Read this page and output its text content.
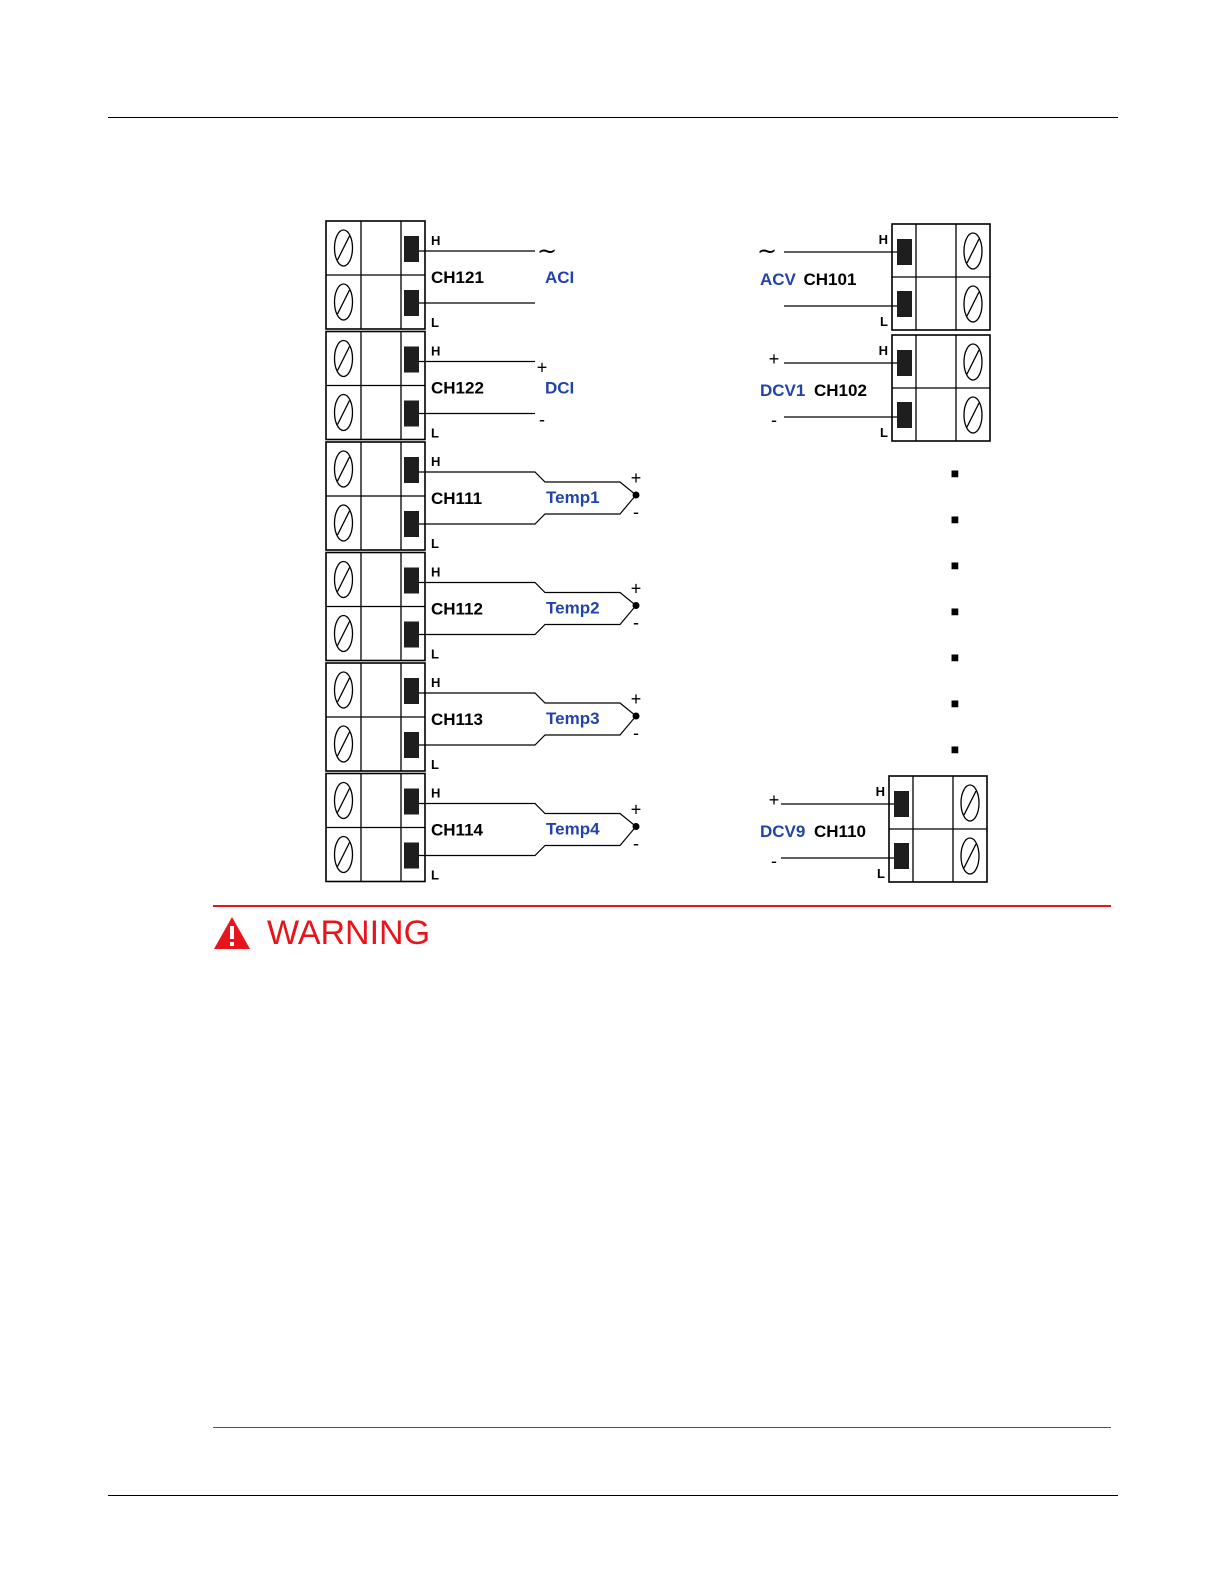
H
L
CH121	ACI
~
H
L
CH122	DCI
+
-
H
L
CH111	Temp1
+
-
H
L
CH112	Temp2
+
-
H
L
CH113	Temp3
+
-
H
L
CH114	Temp4
+
-
H
L
ACV CH101
~
H
L
DCV1 CH102
+
-
H
L
DCV9 CH110
+
-
■
■
■
■
■
■
■
WARNING
